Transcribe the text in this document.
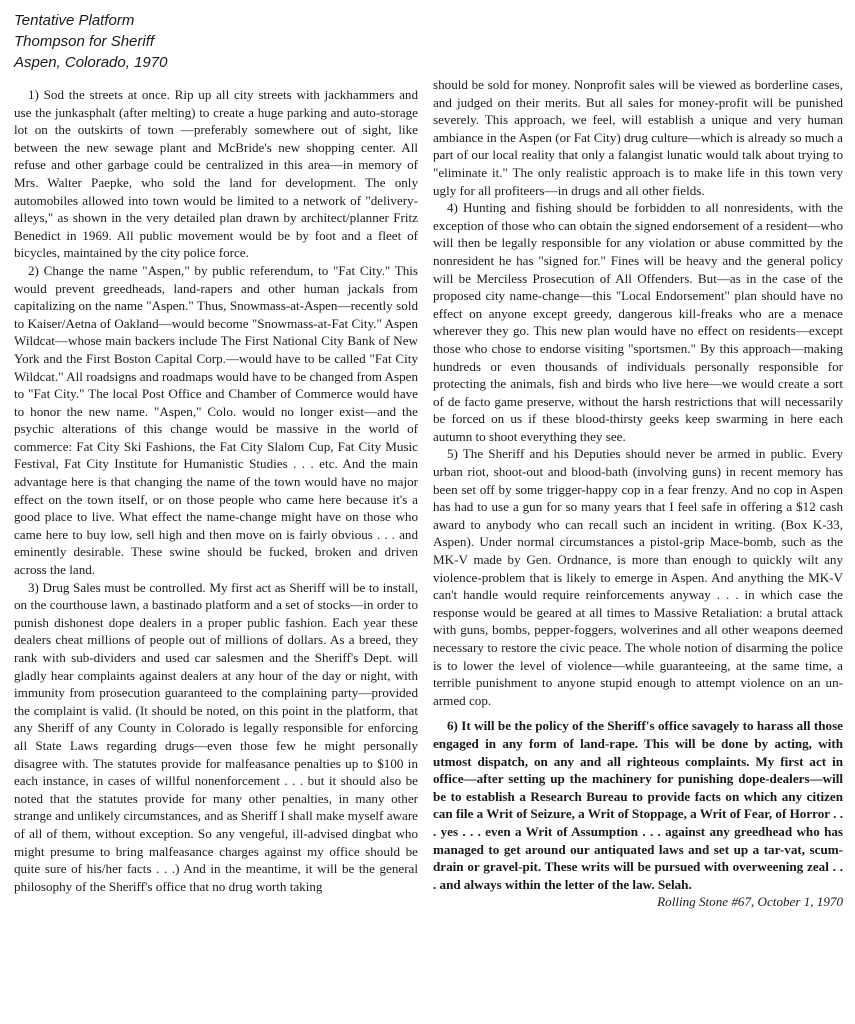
Tentative Platform
Thompson for Sheriff
Aspen, Colorado, 1970

1) Sod the streets at once. Rip up all city streets with jackhammers and use the junkasphalt (after melting) to create a huge parking and auto-storage lot on the outskirts of town —preferably somewhere out of sight, like between the new sewage plant and McBride's new shopping center. All refuse and other garbage could be centralized in this area—in memory of Mrs. Walter Paepke, who sold the land for development. The only automobiles allowed into town would be limited to a network of "delivery-alleys," as shown in the very detailed plan drawn by architect/planner Fritz Benedict in 1969. All public movement would be by foot and a fleet of bicycles, maintained by the city police force.

2) Change the name "Aspen," by public referendum, to "Fat City." This would prevent greedheads, land-rapers and other human jackals from capitalizing on the name "Aspen." Thus, Snowmass-at-Aspen—recently sold to Kaiser/Aetna of Oakland—would become "Snowmass-at-Fat City." Aspen Wildcat—whose main backers include The First National City Bank of New York and the First Boston Capital Corp.—would have to be called "Fat City Wildcat." All roadsigns and roadmaps would have to be changed from Aspen to "Fat City." The local Post Office and Chamber of Commerce would have to honor the new name. "Aspen," Colo. would no longer exist—and the psychic alterations of this change would be massive in the world of commerce: Fat City Ski Fashions, the Fat City Slalom Cup, Fat City Music Festival, Fat City Institute for Humanistic Studies . . . etc. And the main advantage here is that changing the name of the town would have no major effect on the town itself, or on those people who came here because it's a good place to live. What effect the name-change might have on those who came here to buy low, sell high and then move on is fairly obvious . . . and eminently desirable. These swine should be fucked, broken and driven across the land.

3) Drug Sales must be controlled. My first act as Sheriff will be to install, on the courthouse lawn, a bastinado platform and a set of stocks—in order to punish dishonest dope dealers in a proper public fashion. Each year these dealers cheat millions of people out of millions of dollars. As a breed, they rank with sub-dividers and used car salesmen and the Sheriff's Dept. will gladly hear complaints against dealers at any hour of the day or night, with immunity from prosecution guaranteed to the complaining party—provided the complaint is valid. (It should be noted, on this point in the platform, that any Sheriff of any County in Colorado is legally responsible for enforcing all State Laws regarding drugs—even those few he might personally disagree with. The statutes provide for malfeasance penalties up to $100 in each instance, in cases of willful nonenforcement . . . but it should also be noted that the statutes provide for many other penalties, in many other strange and unlikely circumstances, and as Sheriff I shall make myself aware of all of them, without exception. So any vengeful, ill-advised dingbat who might presume to bring malfeasance charges against my office should be quite sure of his/her facts . . .) And in the meantime, it will be the general philosophy of the Sheriff's office that no drug worth taking

should be sold for money. Nonprofit sales will be viewed as borderline cases, and judged on their merits. But all sales for money-profit will be punished severely. This approach, we feel, will establish a unique and very human ambiance in the Aspen (or Fat City) drug culture—which is already so much a part of our local reality that only a falangist lunatic would talk about trying to "eliminate it." The only realistic approach is to make life in this town very ugly for all profiteers—in drugs and all other fields.

4) Hunting and fishing should be forbidden to all nonresidents, with the exception of those who can obtain the signed endorsement of a resident—who will then be legally responsible for any violation or abuse committed by the nonresident he has "signed for." Fines will be heavy and the general policy will be Merciless Prosecution of All Offenders. But—as in the case of the proposed city name-change—this "Local Endorsement" plan should have no effect on anyone except greedy, dangerous kill-freaks who are a menace wherever they go. This new plan would have no effect on residents—except those who chose to endorse visiting "sportsmen." By this approach—making hundreds or even thousands of individuals personally responsible for protecting the animals, fish and birds who live here—we would create a sort of de facto game preserve, without the harsh restrictions that will necessarily be forced on us if these blood-thirsty geeks keep swarming in here each autumn to shoot everything they see.

5) The Sheriff and his Deputies should never be armed in public. Every urban riot, shoot-out and blood-bath (involving guns) in recent memory has been set off by some trigger-happy cop in a fear frenzy. And no cop in Aspen has had to use a gun for so many years that I feel safe in offering a $12 cash award to anybody who can recall such an incident in writing. (Box K-33, Aspen). Under normal circumstances a pistol-grip Mace-bomb, such as the MK-V made by Gen. Ordnance, is more than enough to quickly wilt any violence-problem that is likely to emerge in Aspen. And anything the MK-V can't handle would require reinforcements anyway . . . in which case the response would be geared at all times to Massive Retaliation: a brutal attack with guns, bombs, pepper-foggers, wolverines and all other weapons deemed necessary to restore the civic peace. The whole notion of disarming the police is to lower the level of violence—while guaranteeing, at the same time, a terrible punishment to anyone stupid enough to attempt violence on an un-armed cop.

6) It will be the policy of the Sheriff's office savagely to harass all those engaged in any form of land-rape. This will be done by acting, with utmost dispatch, on any and all righteous complaints. My first act in office—after setting up the machinery for punishing dope-dealers—will be to establish a Research Bureau to provide facts on which any citizen can file a Writ of Seizure, a Writ of Stoppage, a Writ of Fear, of Horror . . . yes . . . even a Writ of Assumption . . . against any greedhead who has managed to get around our antiquated laws and set up a tar-vat, scum-drain or gravel-pit. These writs will be pursued with overweening zeal . . . and always within the letter of the law. Selah.

Rolling Stone #67, October 1, 1970
